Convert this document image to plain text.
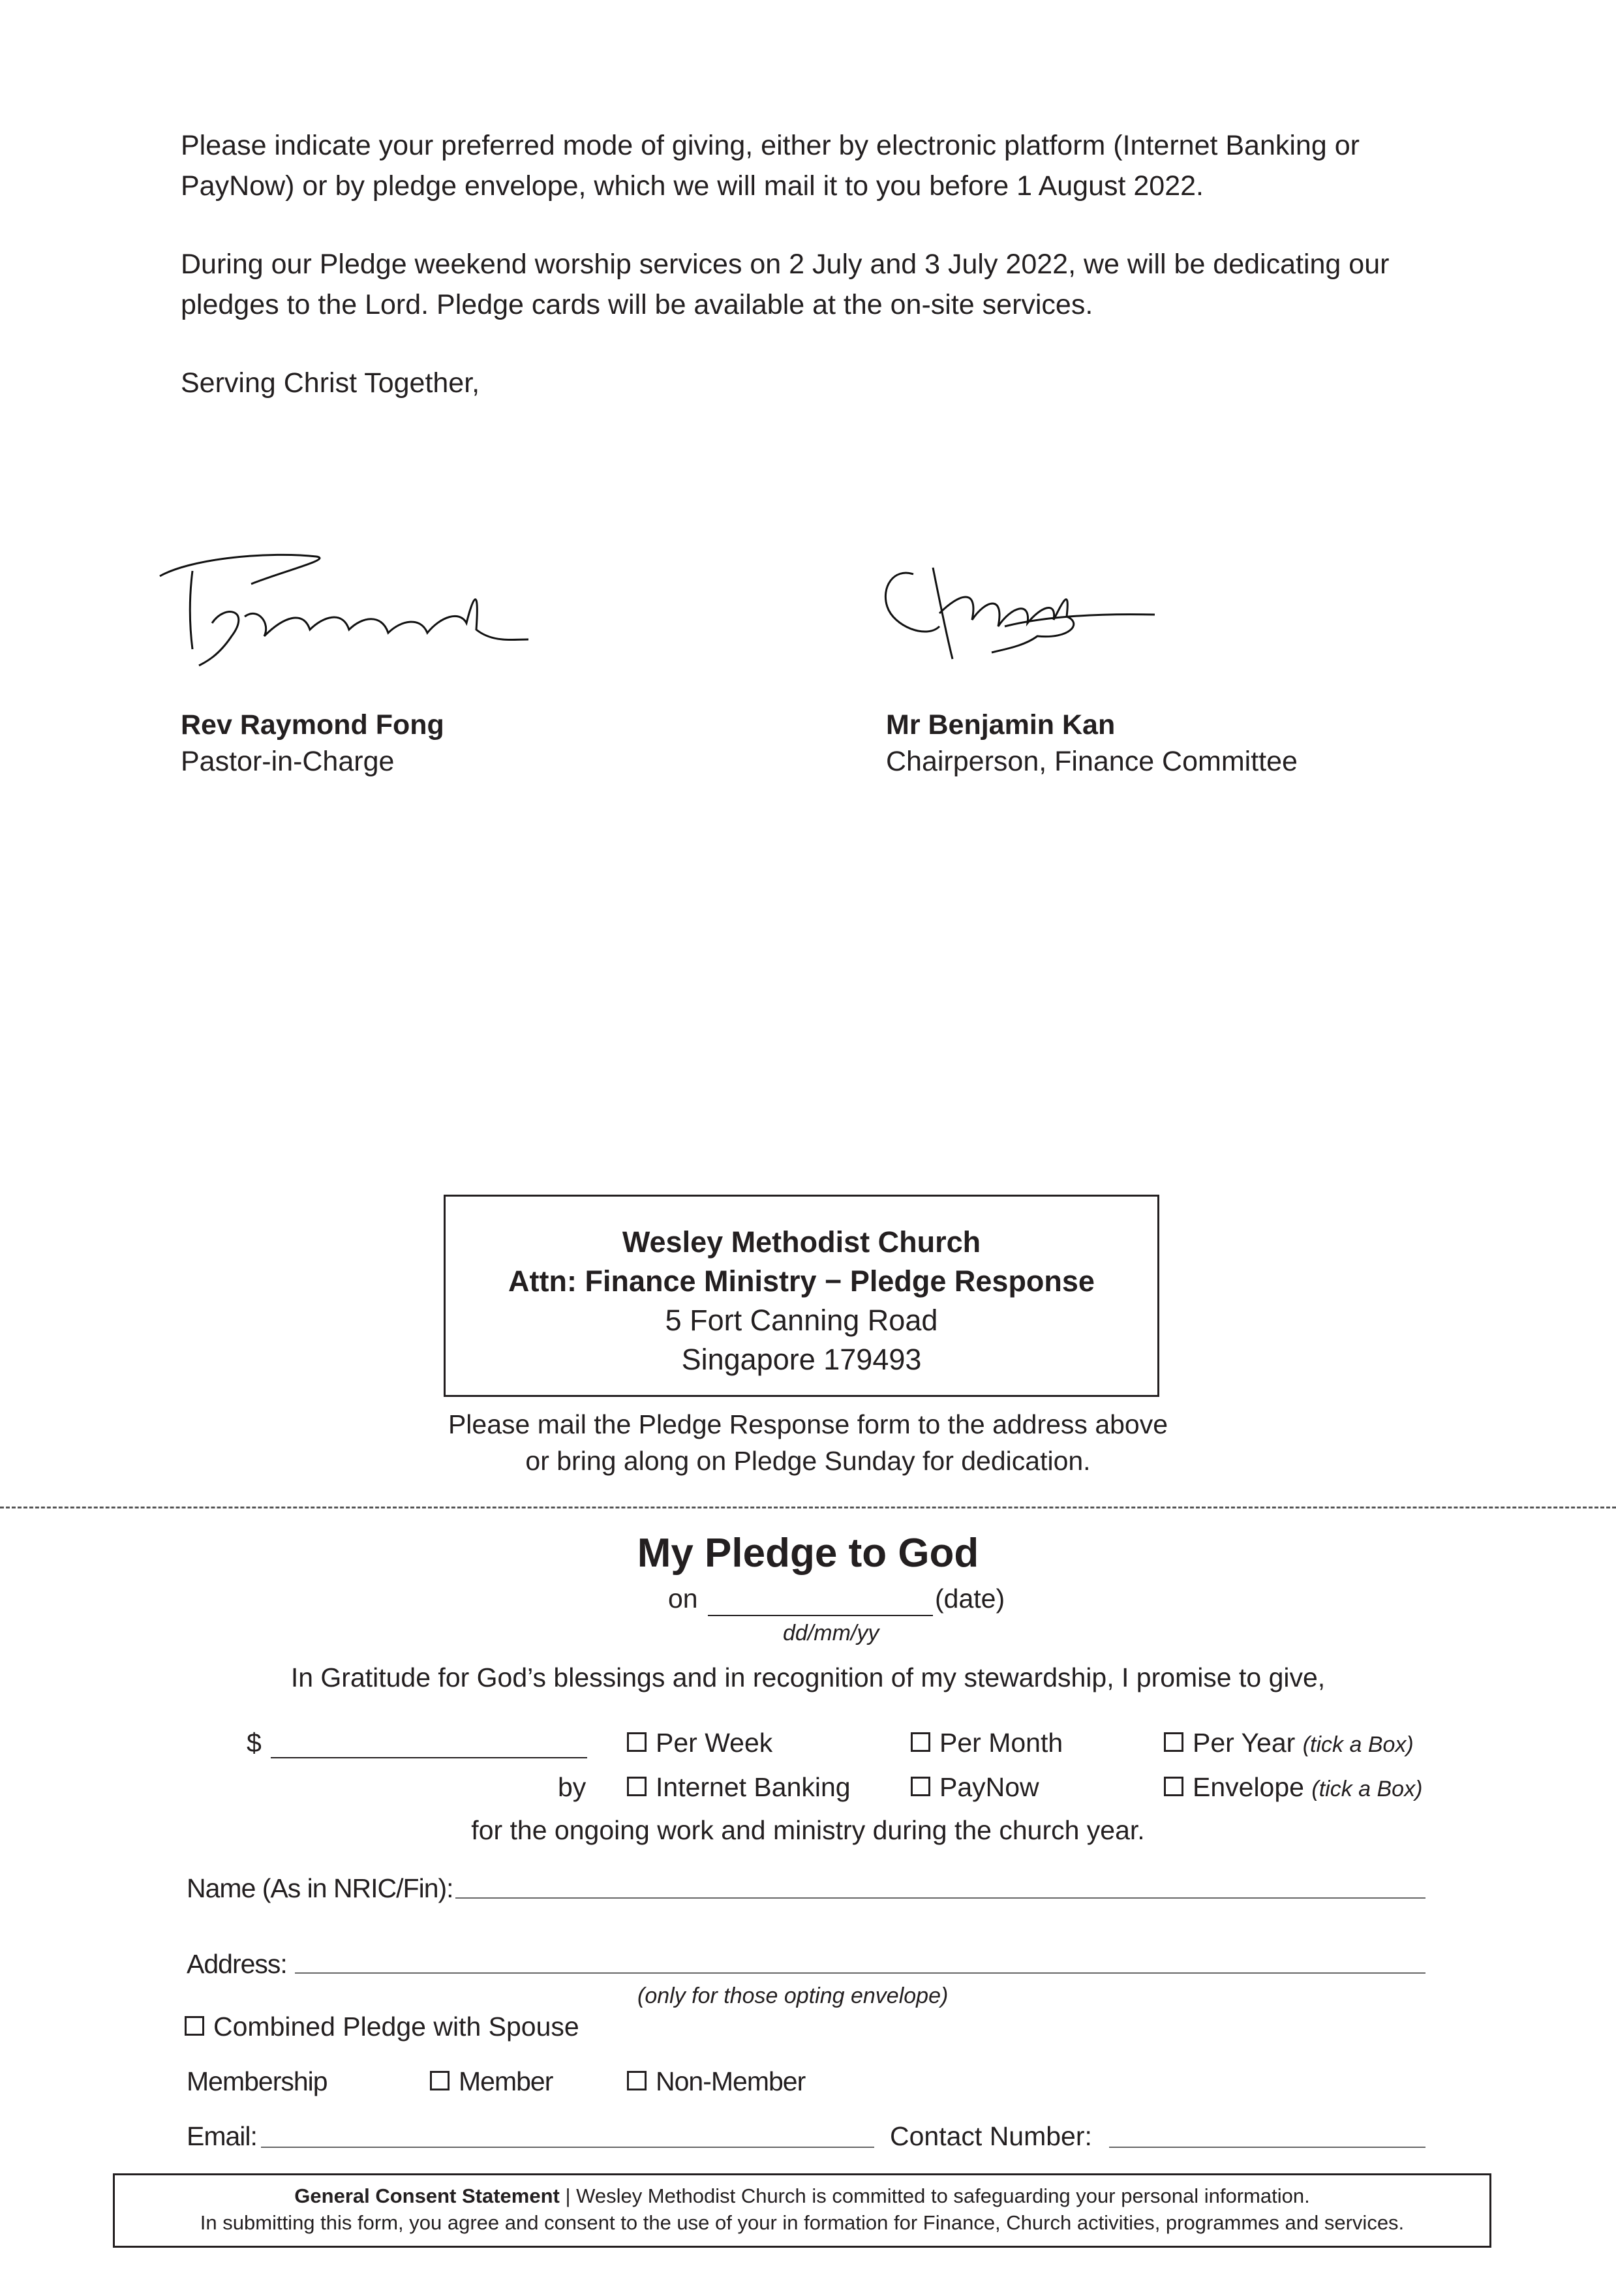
Please indicate your preferred mode of giving, either by electronic platform (Internet Banking or PayNow) or by pledge envelope, which we will mail it to you before 1 August 2022.
During our Pledge weekend worship services on 2 July and 3 July 2022, we will be dedicating our pledges to the Lord. Pledge cards will be available at the on-site services.
Serving Christ Together,
Rev Raymond Fong
Pastor-in-Charge
Mr Benjamin Kan
Chairperson, Finance Committee
Wesley Methodist Church
Attn: Finance Ministry − Pledge Response
5 Fort Canning Road
Singapore 179493
Please mail the Pledge Response form to the address above
or bring along on Pledge Sunday for dedication.
My Pledge to God
on	(date)
dd/mm/yy
In Gratitude for God’s blessings and in recognition of my stewardship, I promise to give,
$	Per Week	Per Month	Per Year (tick a Box)
by	Internet Banking	PayNow	Envelope (tick a Box)
for the ongoing work and ministry during the church year.
Name (As in NRIC/Fin):
Address:
(only for those opting envelope)
Combined Pledge with Spouse
Membership	Member	Non-Member
Email:	Contact Number:
General Consent Statement | Wesley Methodist Church is committed to safeguarding your personal information.
In submitting this form, you agree and consent to the use of your in formation for Finance, Church activities, programmes and services.
